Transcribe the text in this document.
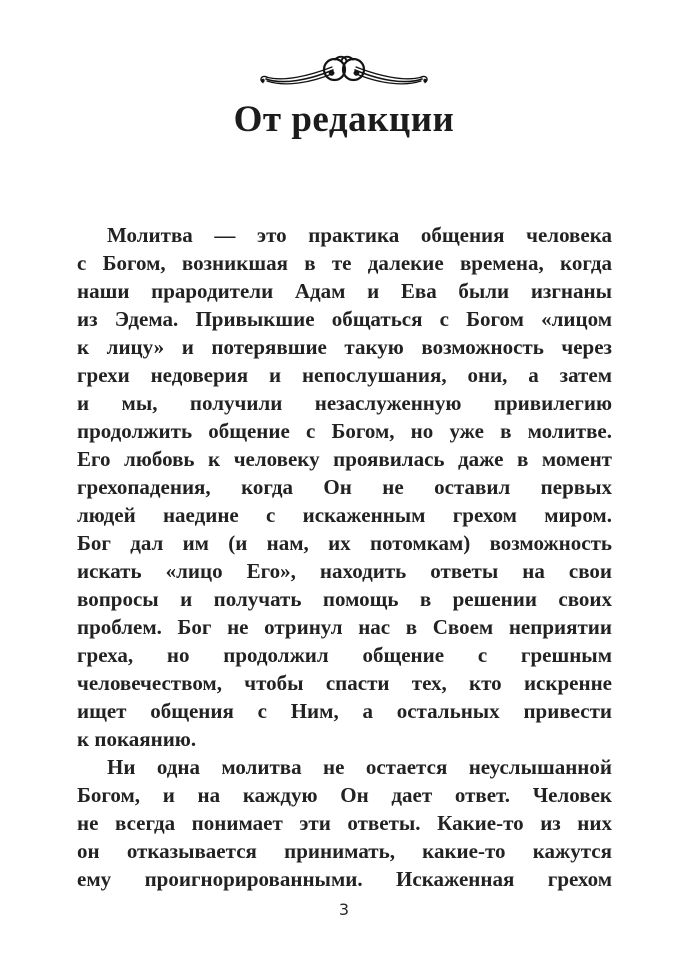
От редакции
Молитва — это практика общения человека
с Богом, возникшая в те далекие времена, когда
наши прародители Адам и Ева были изгнаны
из Эдема. Привыкшие общаться с Богом «лицом
к лицу» и потерявшие такую возможность через
грехи недоверия и непослушания, они, а затем
и мы, получили незаслуженную привилегию
продолжить общение с Богом, но уже в молитве.
Его любовь к человеку проявилась даже в момент
грехопадения, когда Он не оставил первых
людей наедине с искаженным грехом миром.
Бог дал им (и нам, их потомкам) возможность
искать «лицо Его», находить ответы на свои
вопросы и получать помощь в решении своих
проблем. Бог не отринул нас в Своем неприятии
греха, но продолжил общение с грешным
человечеством, чтобы спасти тех, кто искренне
ищет общения с Ним, а остальных привести
к покаянию.
Ни одна молитва не остается неуслышанной
Богом, и на каждую Он дает ответ. Человек
не всегда понимает эти ответы. Какие-то из них
он отказывается принимать, какие-то кажутся
ему проигнорированными. Искаженная грехом
3
